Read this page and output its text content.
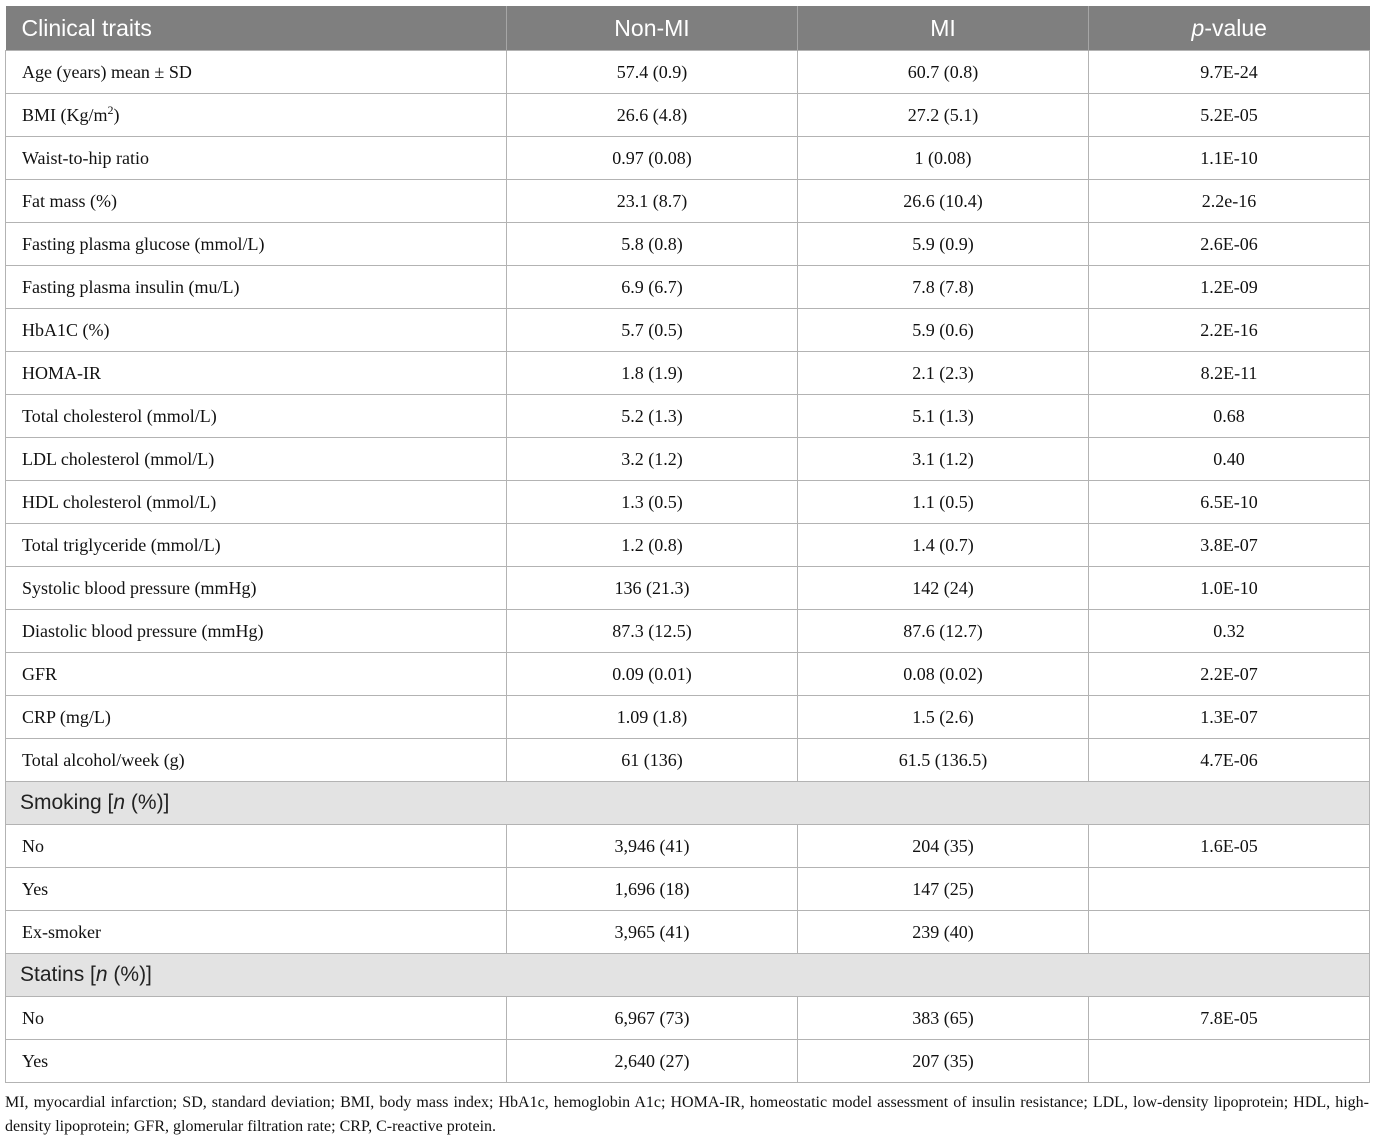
Clinical traits	Non-MI	MI	p-value
Age (years) mean ± SD	57.4 (0.9)	60.7 (0.8)	9.7E-24
BMI $(Kg/m^2)$	26.6 (4.8)	27.2 (5.1)	5.2E-05
Waist-to-hip ratio	0.97 (0.08)	1 (0.08)	1.1E-10
Fat mass (%)	23.1 (8.7)	26.6 (10.4)	2.2e-16
Fasting plasma glucose (mmol/L)	5.8 (0.8)	5.9 (0.9)	2.6E-06
Fasting plasma insulin (mu/L)	6.9 (6.7)	7.8 (7.8)	1.2E-09
HbA1C (%)	5.7 (0.5)	5.9 (0.6)	2.2E-16
HOMA-IR	1.8 (1.9)	2.1 (2.3)	8.2E-11
Total cholesterol (mmol/L)	5.2 (1.3)	5.1 (1.3)	0.68
LDL cholesterol (mmol/L)	3.2 (1.2)	3.1 (1.2)	0.40
HDL cholesterol (mmol/L)	1.3 (0.5)	1.1 (0.5)	6.5E-10
Total triglyceride (mmol/L)	1.2 (0.8)	1.4 (0.7)	3.8E-07
Systolic blood pressure (mmHg)	136 (21.3)	142 (24)	1.0E-10
Diastolic blood pressure (mmHg)	87.3 (12.5)	87.6 (12.7)	0.32
GFR	0.09 (0.01)	0.08 (0.02)	2.2E-07
CRP (mg/L)	1.09 (1.8)	1.5 (2.6)	1.3E-07
Total alcohol/week (g)	61 (136)	61.5 (136.5)	4.7E-06
Smoking [n (%)]			
No	3,946 (41)	204 (35)	1.6E-05
Yes	1,696 (18)	147 (25)	
Ex-smoker	3,965 (41)	239 (40)	
Statins [n (%)]			
No	6,967 (73)	383 (65)	7.8E-05
Yes	2,640 (27)	207 (35)	
MI, myocardial infarction; SD, standard deviation; BMI, body mass index; HbA1c, hemoglobin A1c; HOMA-IR, homeostatic model assessment of insulin resistance; LDL, low-density lipoprotein; HDL, high-density lipoprotein; GFR, glomerular filtration rate; CRP, C-reactive protein.
